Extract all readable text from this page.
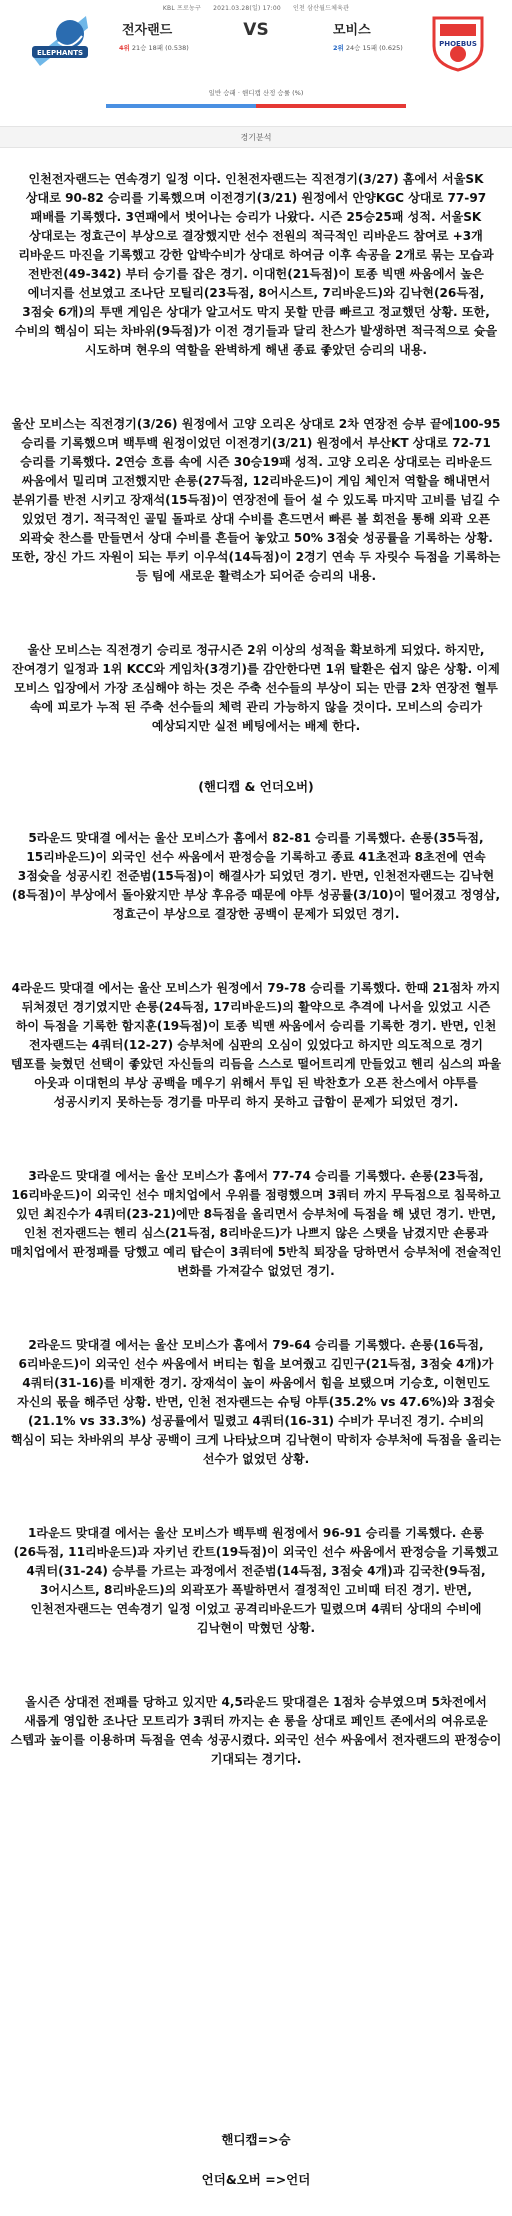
KBL 프로농구 2021.03.28(일) 17:00 인천 삼산월드체육관
ELEPHANTS
전자랜드
4위 21승 18패 (0.538)
VS	모비스
2위 24승 15패 (0.625)	PHOEBUS
일반 승패 · 핸디캡 산정 승률 (%)
경기분석

인천전자랜드는 연속경기 일정 이다. 인천전자랜드는 직전경기(3/27) 홈에서 서울SK 상대로 90-82 승리를 기록했으며 이전경기(3/21) 원정에서 안양KGC 상대로 77-97 패배를 기록했다. 3연패에서 벗어나는 승리가 나왔다. 시즌 25승25패 성적. 서울SK 상대로는 정효근이 부상으로 결장했지만 선수 전원의 적극적인 리바운드 참여로 +3개 리바운드 마진을 기록했고 강한 압박수비가 상대로 하여금 이후 속공을 2개로 묶는 모습과 전반전(49-342) 부터 승기를 잡은 경기. 이대헌(21득점)이 토종 빅맨 싸움에서 높은 에너지를 선보였고 조나단 모틸리(23득점, 8어시스트, 7리바운드)와 김낙현(26득점, 3점슛 6개)의 투맨 게임은 상대가 알고서도 막지 못할 만큼 빠르고 정교했던 상황. 또한, 수비의 핵심이 되는 차바위(9득점)가 이전 경기들과 달리 찬스가 발생하면 적극적으로 슛을 시도하며 현우의 역할을 완벽하게 해낸 종료 좋았던 승리의 내용.

울산 모비스는 직전경기(3/26) 원정에서 고양 오리온 상대로 2차 연장전 승부 끝에100-95 승리를 기록했으며 백투백 원정이었던 이전경기(3/21) 원정에서 부산KT 상대로 72-71 승리를 기록했다. 2연승 흐름 속에 시즌 30승19패 성적. 고양 오리온 상대로는 리바운드 싸움에서 밀리며 고전했지만 숀롱(27득점, 12리바운드)이 게임 체인저 역할을 해내면서 분위기를 반전 시키고 장재석(15득점)이 연장전에 들어 설 수 있도록 마지막 고비를 넘길 수 있었던 경기. 적극적인 골밑 돌파로 상대 수비를 흔드면서 빠른 볼 회전을 통해 외곽 오픈 외곽슛 찬스를 만들면서 상대 수비를 흔들어 놓았고 50% 3점슛 성공률을 기록하는 상황. 또한, 장신 가드 자원이 되는 투키 이우석(14득점)이 2경기 연속 두 자릿수 득점을 기록하는 등 팀에 새로운 활력소가 되어준 승리의 내용.

울산 모비스는 직전경기 승리로 정규시즌 2위 이상의 성적을 확보하게 되었다. 하지만, 잔여경기 일정과 1위 KCC와 게임차(3경기)를 감안한다면 1위 탈환은 쉽지 않은 상황. 이제 모비스 입장에서 가장 조심해야 하는 것은 주축 선수들의 부상이 되는 만큼 2차 연장전 혈투 속에 피로가 누적 된 주축 선수들의 체력 관리 가능하지 않을 것이다. 모비스의 승리가 예상되지만 실전 베팅에서는 배제 한다.

(핸디캡 & 언더오버)

5라운드 맞대결 에서는 울산 모비스가 홈에서 82-81 승리를 기록했다. 숀롱(35득점, 15리바운드)이 외국인 선수 싸움에서 판정승을 기록하고 종료 41초전과 8초전에 연속 3점슛을 성공시킨 전준범(15득점)이 해결사가 되었던 경기. 반면, 인천전자랜드는 김낙현(8득점)이 부상에서 돌아왔지만 부상 후유증 때문에 야투 성공률(3/10)이 떨어졌고 정영삼, 정효근이 부상으로 결장한 공백이 문제가 되었던 경기.

4라운드 맞대결 에서는 울산 모비스가 원정에서 79-78 승리를 기록했다. 한때 21점차 까지 뒤쳐졌던 경기였지만 숀롱(24득점, 17리바운드)의 활약으로 추격에 나서을 있었고 시즌 하이 득점을 기록한 함지훈(19득점)이 토종 빅맨 싸움에서 승리를 기록한 경기. 반면, 인천 전자랜드는 4쿼터(12-27) 승부처에 심판의 오심이 있었다고 하지만 의도적으로 경기 템포를 늦혔던 선택이 좋았던 자신들의 리듬을 스스로 떨어트리게 만들었고 헨리 심스의 파울 아웃과 이대헌의 부상 공백을 메우기 위해서 투입 된 박찬호가 오픈 찬스에서 야투를 성공시키지 못하는등 경기를 마무리 하지 못하고 급함이 문제가 되었던 경기.

3라운드 맞대결 에서는 울산 모비스가 홈에서 77-74 승리를 기록했다. 숀롱(23득점, 16리바운드)이 외국인 선수 매치업에서 우위를 점령했으며 3쿼터 까지 무득점으로 침묵하고 있던 최진수가 4쿼터(23-21)에만 8득점을 올리면서 승부처에 득점을 해 냈던 경기. 반면, 인천 전자랜드는 헨리 심스(21득점, 8리바운드)가 나쁘지 않은 스탯을 남겼지만 숀롱과 매치업에서 판정패를 당했고 예리 탑슨이 3쿼터에 5반칙 퇴장을 당하면서 승부처에 전술적인 변화를 가져갈수 없었던 경기.

2라운드 맞대결 에서는 울산 모비스가 홈에서 79-64 승리를 기록했다. 숀롱(16득점, 6리바운드)이 외국인 선수 싸움에서 버티는 힘을 보여줬고 김민구(21득점, 3점슛 4개)가 4쿼터(31-16)를 비재한 경기. 장재석이 높이 싸움에서 힘을 보탰으며 기승호, 이현민도 자신의 몫을 해주던 상황. 반면, 인천 전자랜드는 슈팅 야투(35.2% vs 47.6%)와 3점슛(21.1% vs 33.3%) 성공률에서 밀렸고 4쿼터(16-31) 수비가 무너진 경기. 수비의 핵심이 되는 차바위의 부상 공백이 크게 나타났으며 김낙현이 막히자 승부처에 득점을 올리는 선수가 없었던 상황.

1라운드 맞대결 에서는 울산 모비스가 백투백 원정에서 96-91 승리를 기록했다. 숀롱(26득점, 11리바운드)과 자키넌 칸트(19득점)이 외국인 선수 싸움에서 판정승을 기록했고 4쿼터(31-24) 승부를 가르는 과정에서 전준범(14득점, 3점슛 4개)과 김국찬(9득점, 3어시스트, 8리바운드)의 외곽포가 폭발하면서 결정적인 고비때 터진 경기. 반면, 인천전자랜드는 연속경기 일정 이었고 공격리바운드가 밀렸으며 4쿼터 상대의 수비에 김낙현이 막혔던 상황.

올시즌 상대전 전패를 당하고 있지만 4,5라운드 맞대결은 1점차 승부였으며 5차전에서 새롭게 영입한 조나단 모트리가 3쿼터 까지는 숀 롱을 상대로 페인트 존에서의 여유로운 스텝과 높이를 이용하며 득점을 연속 성공시켰다. 외국인 선수 싸움에서 전자랜드의 판정승이 기대되는 경기다.

핸디캡=>승

언더&오버 =>언더
